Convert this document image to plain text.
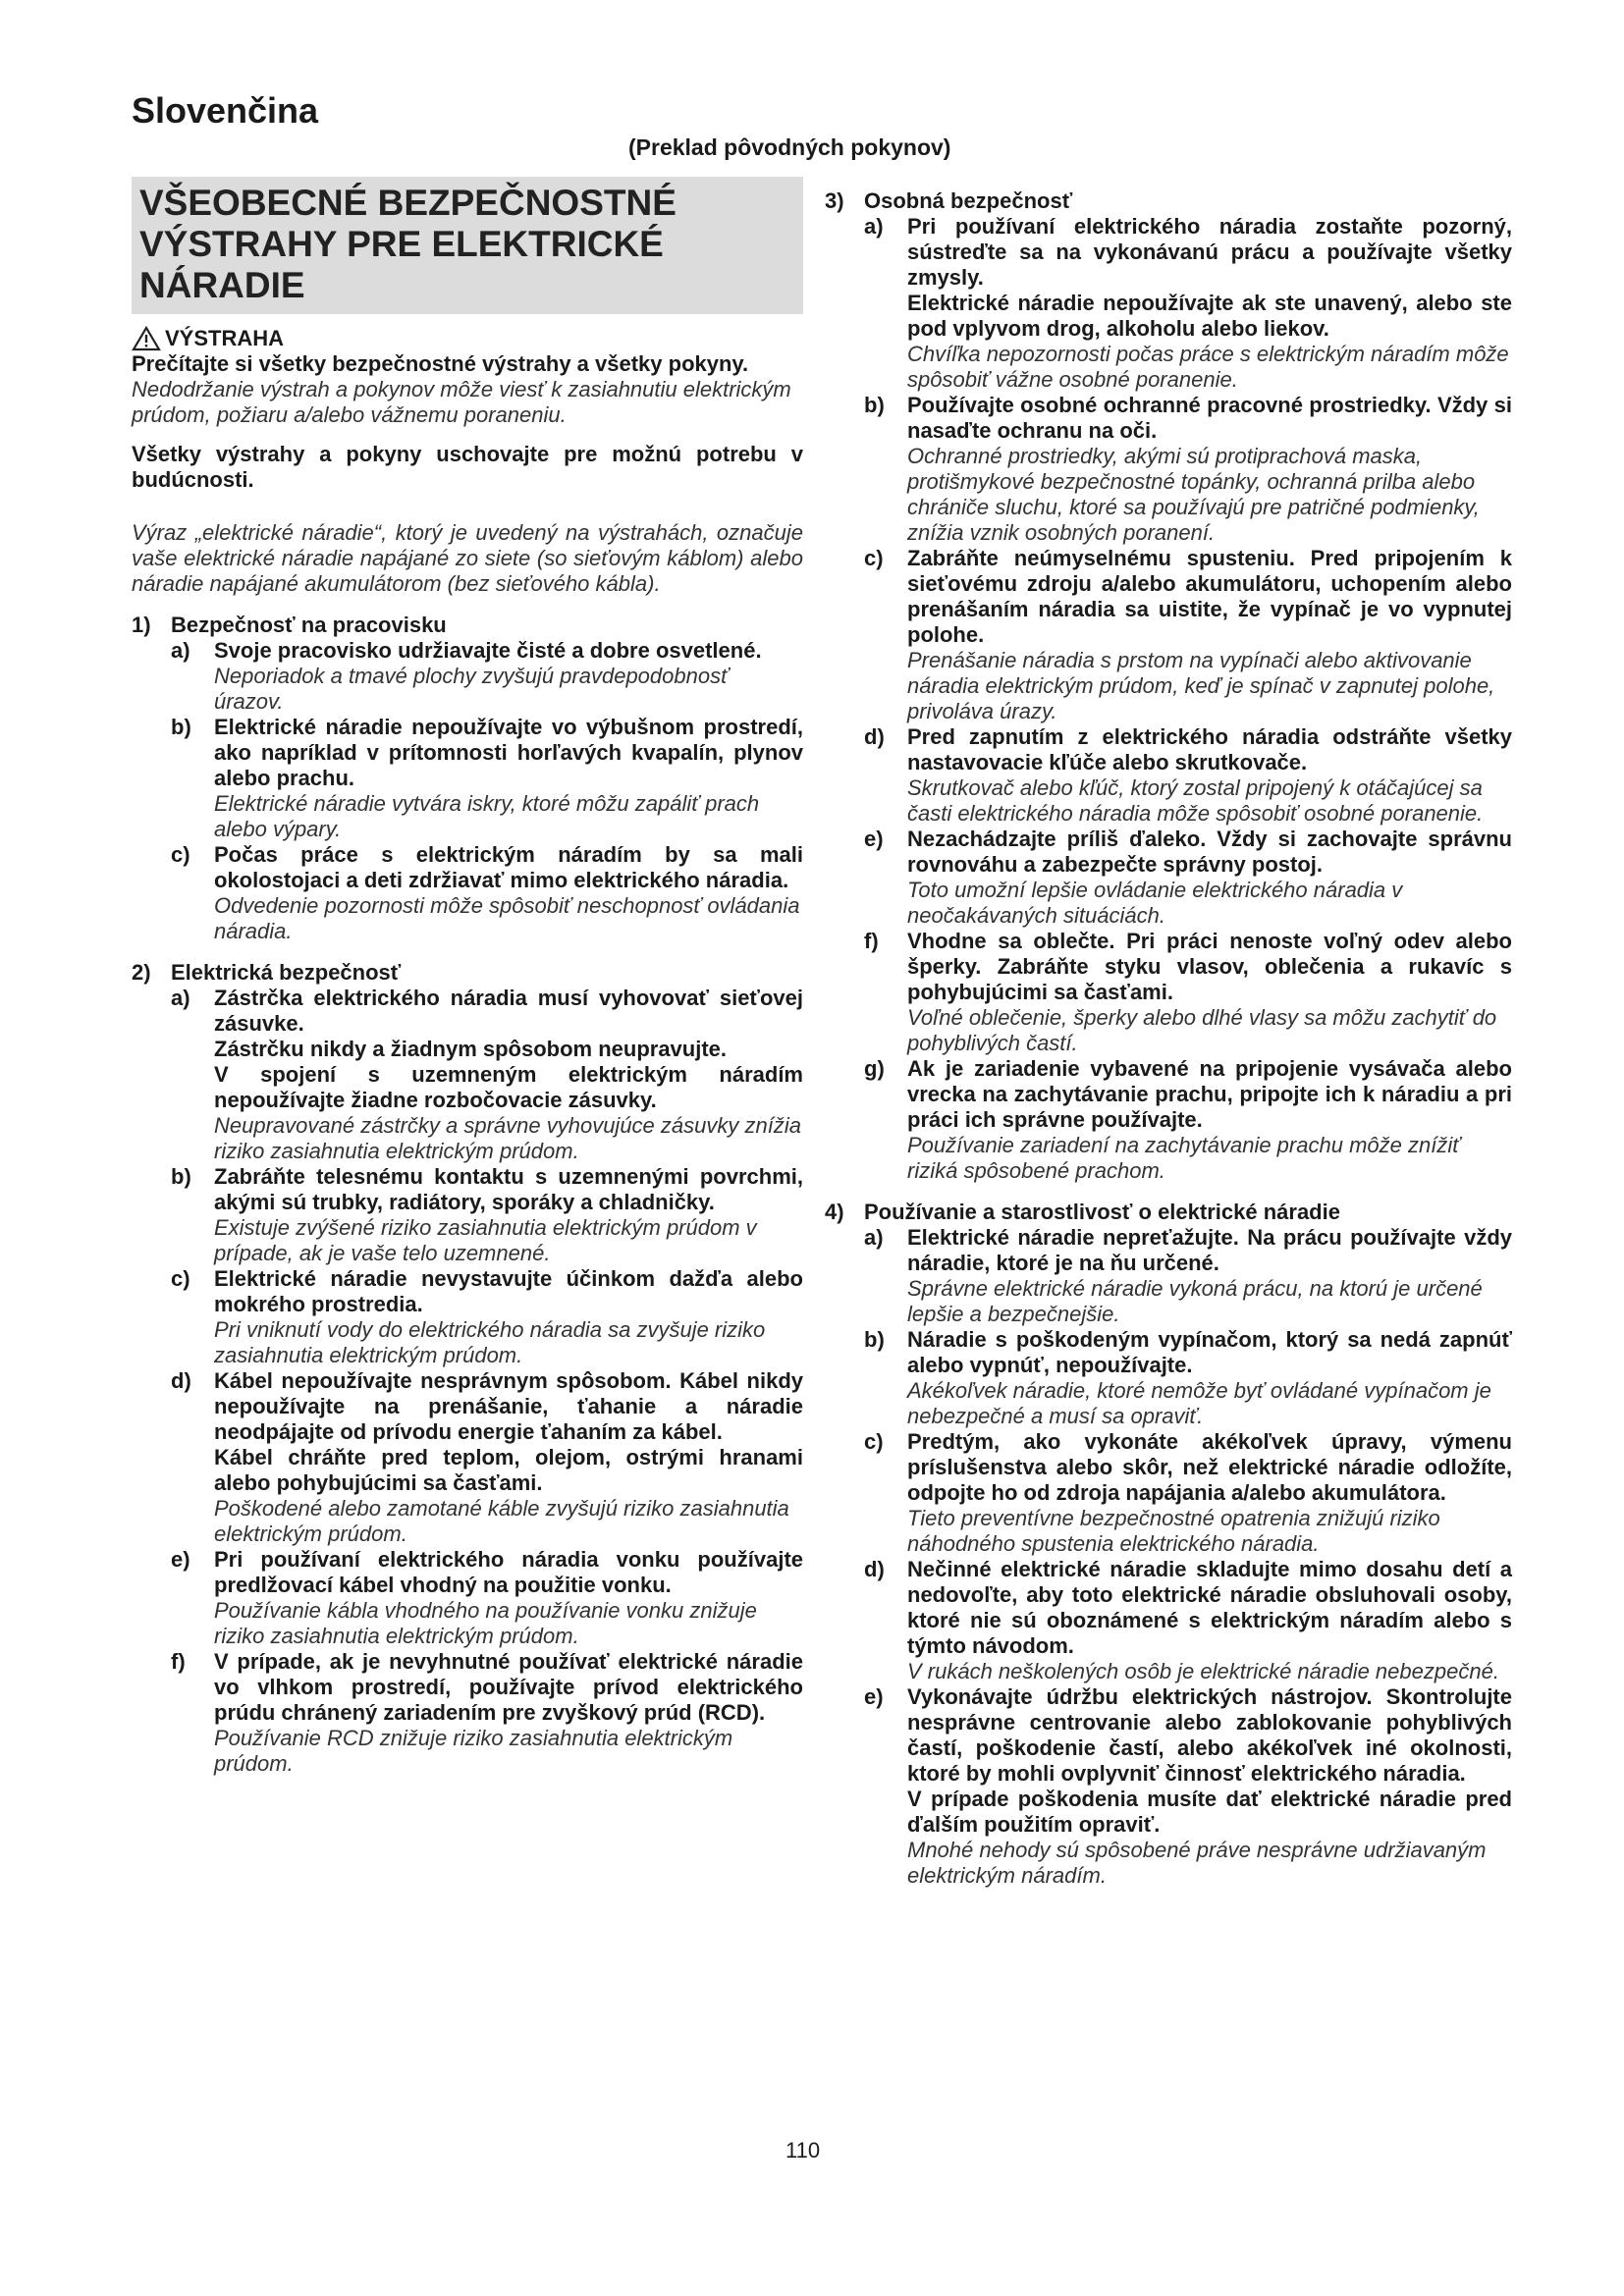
Slovenčina
(Preklad pôvodných pokynov)
VŠEOBECNÉ BEZPEČNOSTNÉ
VÝSTRAHY PRE ELEKTRICKÉ
NÁRADIE
VÝSTRAHA

Prečítajte si všetky bezpečnostné výstrahy a všetky pokyny.

Nedodržanie výstrah a pokynov môže viesť k zasiahnutiu elektrickým prúdom, požiaru a/alebo vážnemu poraneniu.

Všetky výstrahy a pokyny uschovajte pre možnú potrebu v budúcnosti.

Výraz „elektrické náradie“, ktorý je uvedený na výstrahách, označuje vaše elektrické náradie napájané zo siete (so sieťovým káblom) alebo náradie napájané akumulátorom (bez sieťového kábla).

1) Bezpečnosť na pracovisku
a)	Svoje pracovisko udržiavajte čisté a dobre osvetlené.

Neporiadok a tmavé plochy zvyšujú pravdepodobnosť úrazov.

b)	Elektrické náradie nepoužívajte vo výbušnom prostredí, ako napríklad v prítomnosti horľavých kvapalín, plynov alebo prachu.

Elektrické náradie vytvára iskry, ktoré môžu zapáliť prach alebo výpary.

c)	Počas práce s elektrickým náradím by sa mali okolostojaci a deti zdržiavať mimo elektrického náradia.

Odvedenie pozornosti môže spôsobiť neschopnosť ovládania náradia.

2) Elektrická bezpečnosť
a)	Zástrčka elektrického náradia musí vyhovovať sieťovej zásuvke.

Zástrčku nikdy a žiadnym spôsobom neupravujte.

V spojení s uzemneným elektrickým náradím nepoužívajte žiadne rozbočovacie zásuvky.

Neupravované zástrčky a správne vyhovujúce zásuvky znížia riziko zasiahnutia elektrickým prúdom.

b)	Zabráňte telesnému kontaktu s uzemnenými povrchmi, akými sú trubky, radiátory, sporáky a chladničky.

Existuje zvýšené riziko zasiahnutia elektrickým prúdom v prípade, ak je vaše telo uzemnené.

c)	Elektrické náradie nevystavujte účinkom dažďa alebo mokrého prostredia.

Pri vniknutí vody do elektrického náradia sa zvyšuje riziko zasiahnutia elektrickým prúdom.

d)	Kábel nepoužívajte nesprávnym spôsobom. Kábel nikdy nepoužívajte na prenášanie, ťahanie a náradie neodpájajte od prívodu energie ťahaním za kábel.

Kábel chráňte pred teplom, olejom, ostrými hranami alebo pohybujúcimi sa časťami.

Poškodené alebo zamotané káble zvyšujú riziko zasiahnutia elektrickým prúdom.

e)	Pri používaní elektrického náradia vonku používajte predlžovací kábel vhodný na použitie vonku.

Používanie kábla vhodného na používanie vonku znižuje riziko zasiahnutia elektrickým prúdom.

f)	V prípade, ak je nevyhnutné používať elektrické náradie vo vlhkom prostredí, používajte prívod elektrického prúdu chránený zariadením pre zvyškový prúd (RCD).

Používanie RCD znižuje riziko zasiahnutia elektrickým prúdom.

3) Osobná bezpečnosť
a)	Pri používaní elektrického náradia zostaňte pozorný, sústreďte sa na vykonávanú prácu a používajte všetky zmysly.

Elektrické náradie nepoužívajte ak ste unavený, alebo ste pod vplyvom drog, alkoholu alebo liekov.

Chvíľka nepozornosti počas práce s elektrickým náradím môže spôsobiť vážne osobné poranenie.

b)	Používajte osobné ochranné pracovné prostriedky. Vždy si nasaďte ochranu na oči.

Ochranné prostriedky, akými sú protiprachová maska, protišmykové bezpečnostné topánky, ochranná prilba alebo chrániče sluchu, ktoré sa používajú pre patričné podmienky, znížia vznik osobných poranení.

c)	Zabráňte neúmyselnému spusteniu. Pred pripojením k sieťovému zdroju a/alebo akumulátoru, uchopením alebo prenášaním náradia sa uistite, že vypínač je vo vypnutej polohe.

Prenášanie náradia s prstom na vypínači alebo aktivovanie náradia elektrickým prúdom, keď je spínač v zapnutej polohe, privoláva úrazy.

d)	Pred zapnutím z elektrického náradia odstráňte všetky nastavovacie kľúče alebo skrutkovače.

Skrutkovač alebo kľúč, ktorý zostal pripojený k otáčajúcej sa časti elektrického náradia môže spôsobiť osobné poranenie.

e)	Nezachádzajte príliš ďaleko. Vždy si zachovajte správnu rovnováhu a zabezpečte správny postoj.

Toto umožní lepšie ovládanie elektrického náradia v neočakávaných situáciách.

f)	Vhodne sa oblečte. Pri práci nenoste voľný odev alebo šperky. Zabráňte styku vlasov, oblečenia a rukavíc s pohybujúcimi sa časťami.

Voľné oblečenie, šperky alebo dlhé vlasy sa môžu zachytiť do pohyblivých častí.

g)	Ak je zariadenie vybavené na pripojenie vysávača alebo vrecka na zachytávanie prachu, pripojte ich k náradiu a pri práci ich správne používajte.

Používanie zariadení na zachytávanie prachu môže znížiť riziká spôsobené prachom.

4) Používanie a starostlivosť o elektrické náradie
a)	Elektrické náradie nepreťažujte. Na prácu používajte vždy náradie, ktoré je na ňu určené.

Správne elektrické náradie vykoná prácu, na ktorú je určené lepšie a bezpečnejšie.

b)	Náradie s poškodeným vypínačom, ktorý sa nedá zapnúť alebo vypnúť, nepoužívajte.

Akékoľvek náradie, ktoré nemôže byť ovládané vypínačom je nebezpečné a musí sa opraviť.

c)	Predtým, ako vykonáte akékoľvek úpravy, výmenu príslušenstva alebo skôr, než elektrické náradie odložíte, odpojte ho od zdroja napájania a/alebo akumulátora.

Tieto preventívne bezpečnostné opatrenia znižujú riziko náhodného spustenia elektrického náradia.

d)	Nečinné elektrické náradie skladujte mimo dosahu detí a nedovoľte, aby toto elektrické náradie obsluhovali osoby, ktoré nie sú oboznámené s elektrickým náradím alebo s týmto návodom.

V rukách neškolených osôb je elektrické náradie nebezpečné.

e)	Vykonávajte údržbu elektrických nástrojov. Skontrolujte nesprávne centrovanie alebo zablokovanie pohyblivých častí, poškodenie častí, alebo akékoľvek iné okolnosti, ktoré by mohli ovplyvniť činnosť elektrického náradia.

V prípade poškodenia musíte dať elektrické náradie pred ďalším použitím opraviť.

Mnohé nehody sú spôsobené práve nesprávne udržiavaným elektrickým náradím.

110
